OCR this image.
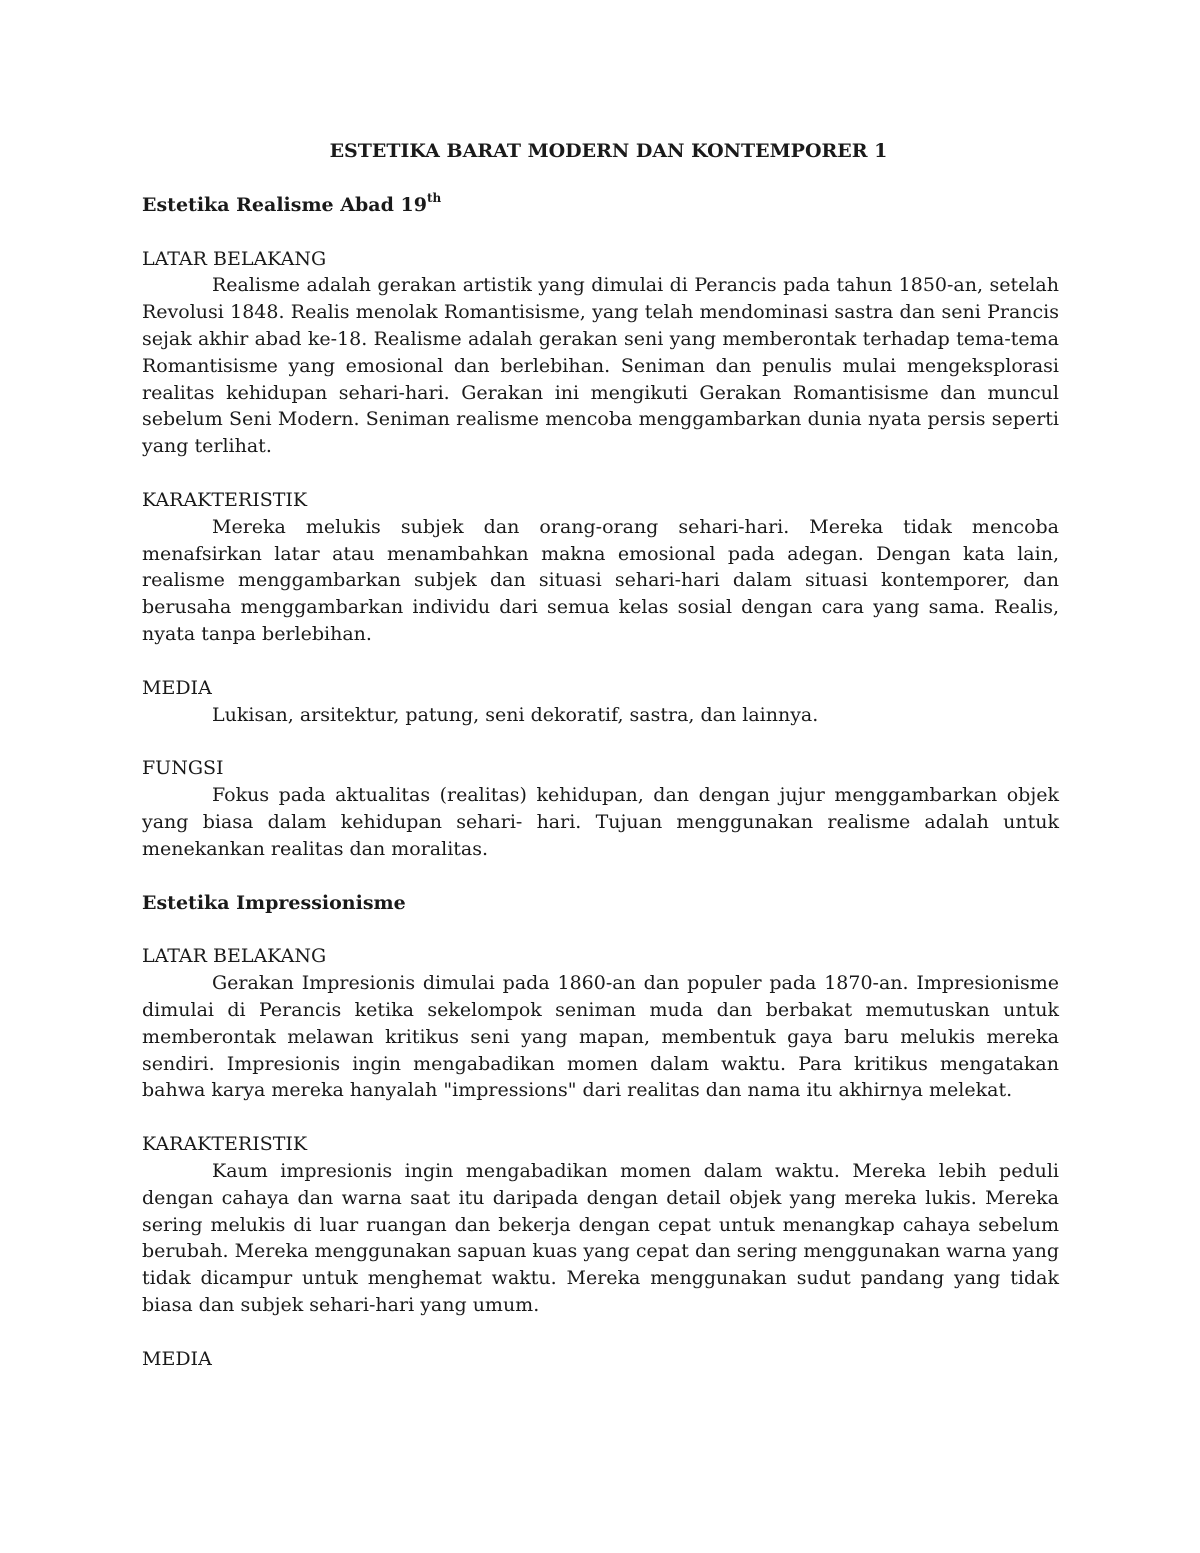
ESTETIKA BARAT MODERN DAN KONTEMPORER 1

Estetika Realisme Abad 19th

LATAR BELAKANG

Realisme adalah gerakan artistik yang dimulai di Perancis pada tahun 1850-an, setelah Revolusi 1848. Realis menolak Romantisisme, yang telah mendominasi sastra dan seni Prancis sejak akhir abad ke-18. Realisme adalah gerakan seni yang memberontak terhadap tema-tema Romantisisme yang emosional dan berlebihan. Seniman dan penulis mulai mengeksplorasi realitas kehidupan sehari-hari. Gerakan ini mengikuti Gerakan Romantisisme dan muncul sebelum Seni Modern. Seniman realisme mencoba menggambarkan dunia nyata persis seperti yang terlihat.

KARAKTERISTIK

Mereka melukis subjek dan orang-orang sehari-hari. Mereka tidak mencoba menafsirkan latar atau menambahkan makna emosional pada adegan. Dengan kata lain, realisme menggambarkan subjek dan situasi sehari-hari dalam situasi kontemporer, dan berusaha menggambarkan individu dari semua kelas sosial dengan cara yang sama. Realis, nyata tanpa berlebihan.

MEDIA

Lukisan, arsitektur, patung, seni dekoratif, sastra, dan lainnya.

FUNGSI

Fokus pada aktualitas (realitas) kehidupan, dan dengan jujur menggambarkan objek yang biasa dalam kehidupan sehari- hari. Tujuan menggunakan realisme adalah untuk menekankan realitas dan moralitas.

Estetika Impressionisme

LATAR BELAKANG

Gerakan Impresionis dimulai pada 1860-an dan populer pada 1870-an. Impresionisme dimulai di Perancis ketika sekelompok seniman muda dan berbakat memutuskan untuk memberontak melawan kritikus seni yang mapan, membentuk gaya baru melukis mereka sendiri. Impresionis ingin mengabadikan momen dalam waktu. Para kritikus mengatakan bahwa karya mereka hanyalah "impressions" dari realitas dan nama itu akhirnya melekat.

KARAKTERISTIK

Kaum impresionis ingin mengabadikan momen dalam waktu. Mereka lebih peduli dengan cahaya dan warna saat itu daripada dengan detail objek yang mereka lukis. Mereka sering melukis di luar ruangan dan bekerja dengan cepat untuk menangkap cahaya sebelum berubah. Mereka menggunakan sapuan kuas yang cepat dan sering menggunakan warna yang tidak dicampur untuk menghemat waktu. Mereka menggunakan sudut pandang yang tidak biasa dan subjek sehari-hari yang umum.

MEDIA
